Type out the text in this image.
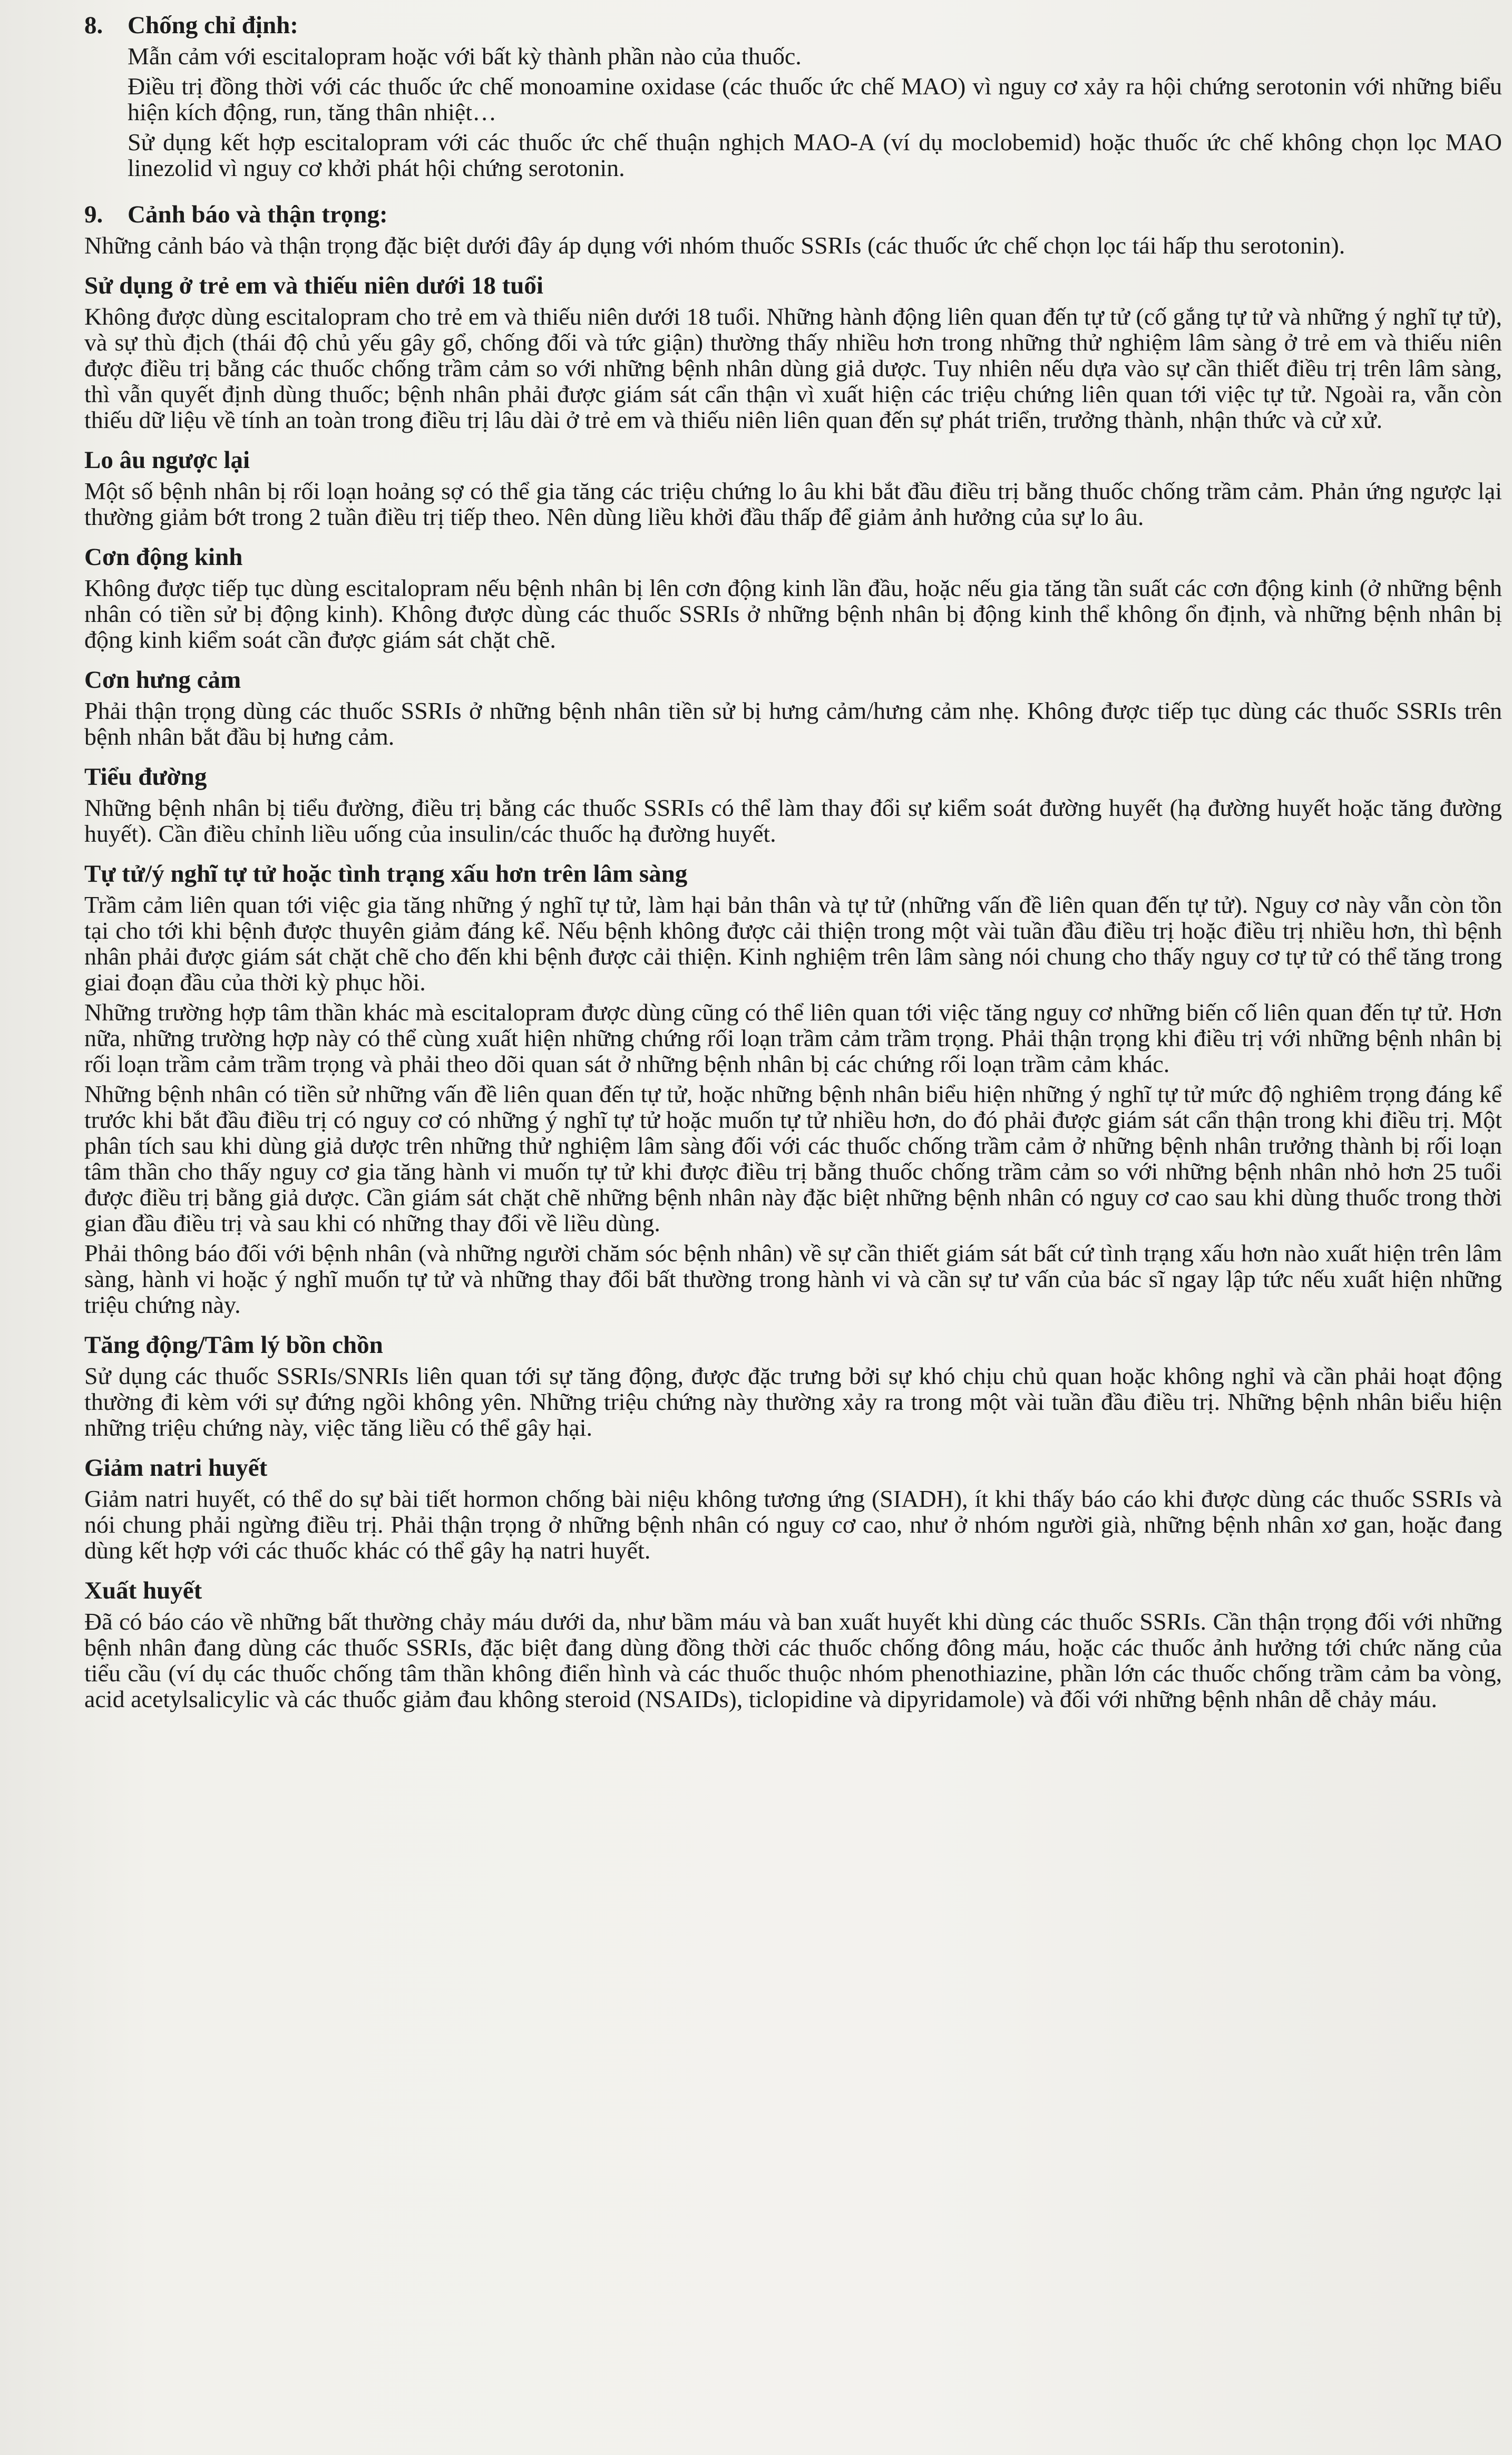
8. Chống chỉ định:

Mẫn cảm với escitalopram hoặc với bất kỳ thành phần nào của thuốc.

Điều trị đồng thời với các thuốc ức chế monoamine oxidase (các thuốc ức chế MAO) vì nguy cơ xảy ra hội chứng serotonin với những biểu hiện kích động, run, tăng thân nhiệt…

Sử dụng kết hợp escitalopram với các thuốc ức chế thuận nghịch MAO-A (ví dụ moclobemid) hoặc thuốc ức chế không chọn lọc MAO linezolid vì nguy cơ khởi phát hội chứng serotonin.

9. Cảnh báo và thận trọng:

Những cảnh báo và thận trọng đặc biệt dưới đây áp dụng với nhóm thuốc SSRIs (các thuốc ức chế chọn lọc tái hấp thu serotonin).

Sử dụng ở trẻ em và thiếu niên dưới 18 tuổi

Không được dùng escitalopram cho trẻ em và thiếu niên dưới 18 tuổi. Những hành động liên quan đến tự tử (cố gắng tự tử và những ý nghĩ tự tử), và sự thù địch (thái độ chủ yếu gây gổ, chống đối và tức giận) thường thấy nhiều hơn trong những thử nghiệm lâm sàng ở trẻ em và thiếu niên được điều trị bằng các thuốc chống trầm cảm so với những bệnh nhân dùng giả dược. Tuy nhiên nếu dựa vào sự cần thiết điều trị trên lâm sàng, thì vẫn quyết định dùng thuốc; bệnh nhân phải được giám sát cẩn thận vì xuất hiện các triệu chứng liên quan tới việc tự tử. Ngoài ra, vẫn còn thiếu dữ liệu về tính an toàn trong điều trị lâu dài ở trẻ em và thiếu niên liên quan đến sự phát triển, trưởng thành, nhận thức và cử xử.

Lo âu ngược lại

Một số bệnh nhân bị rối loạn hoảng sợ có thể gia tăng các triệu chứng lo âu khi bắt đầu điều trị bằng thuốc chống trầm cảm. Phản ứng ngược lại thường giảm bớt trong 2 tuần điều trị tiếp theo. Nên dùng liều khởi đầu thấp để giảm ảnh hưởng của sự lo âu.

Cơn động kinh

Không được tiếp tục dùng escitalopram nếu bệnh nhân bị lên cơn động kinh lần đầu, hoặc nếu gia tăng tần suất các cơn động kinh (ở những bệnh nhân có tiền sử bị động kinh). Không được dùng các thuốc SSRIs ở những bệnh nhân bị động kinh thể không ổn định, và những bệnh nhân bị động kinh kiểm soát cần được giám sát chặt chẽ.

Cơn hưng cảm

Phải thận trọng dùng các thuốc SSRIs ở những bệnh nhân tiền sử bị hưng cảm/hưng cảm nhẹ. Không được tiếp tục dùng các thuốc SSRIs trên bệnh nhân bắt đầu bị hưng cảm.

Tiểu đường

Những bệnh nhân bị tiểu đường, điều trị bằng các thuốc SSRIs có thể làm thay đổi sự kiểm soát đường huyết (hạ đường huyết hoặc tăng đường huyết). Cần điều chỉnh liều uống của insulin/các thuốc hạ đường huyết.

Tự tử/ý nghĩ tự tử hoặc tình trạng xấu hơn trên lâm sàng

Trầm cảm liên quan tới việc gia tăng những ý nghĩ tự tử, làm hại bản thân và tự tử (những vấn đề liên quan đến tự tử). Nguy cơ này vẫn còn tồn tại cho tới khi bệnh được thuyên giảm đáng kể. Nếu bệnh không được cải thiện trong một vài tuần đầu điều trị hoặc điều trị nhiều hơn, thì bệnh nhân phải được giám sát chặt chẽ cho đến khi bệnh được cải thiện. Kinh nghiệm trên lâm sàng nói chung cho thấy nguy cơ tự tử có thể tăng trong giai đoạn đầu của thời kỳ phục hồi.

Những trường hợp tâm thần khác mà escitalopram được dùng cũng có thể liên quan tới việc tăng nguy cơ những biến cố liên quan đến tự tử. Hơn nữa, những trường hợp này có thể cùng xuất hiện những chứng rối loạn trầm cảm trầm trọng. Phải thận trọng khi điều trị với những bệnh nhân bị rối loạn trầm cảm trầm trọng và phải theo dõi quan sát ở những bệnh nhân bị các chứng rối loạn trầm cảm khác.

Những bệnh nhân có tiền sử những vấn đề liên quan đến tự tử, hoặc những bệnh nhân biểu hiện những ý nghĩ tự tử mức độ nghiêm trọng đáng kể trước khi bắt đầu điều trị có nguy cơ có những ý nghĩ tự tử hoặc muốn tự tử nhiều hơn, do đó phải được giám sát cẩn thận trong khi điều trị. Một phân tích sau khi dùng giả dược trên những thử nghiệm lâm sàng đối với các thuốc chống trầm cảm ở những bệnh nhân trưởng thành bị rối loạn tâm thần cho thấy nguy cơ gia tăng hành vi muốn tự tử khi được điều trị bằng thuốc chống trầm cảm so với những bệnh nhân nhỏ hơn 25 tuổi được điều trị bằng giả dược. Cần giám sát chặt chẽ những bệnh nhân này đặc biệt những bệnh nhân có nguy cơ cao sau khi dùng thuốc trong thời gian đầu điều trị và sau khi có những thay đổi về liều dùng.

Phải thông báo đối với bệnh nhân (và những người chăm sóc bệnh nhân) về sự cần thiết giám sát bất cứ tình trạng xấu hơn nào xuất hiện trên lâm sàng, hành vi hoặc ý nghĩ muốn tự tử và những thay đổi bất thường trong hành vi và cần sự tư vấn của bác sĩ ngay lập tức nếu xuất hiện những triệu chứng này.

Tăng động/Tâm lý bồn chồn

Sử dụng các thuốc SSRIs/SNRIs liên quan tới sự tăng động, được đặc trưng bởi sự khó chịu chủ quan hoặc không nghỉ và cần phải hoạt động thường đi kèm với sự đứng ngồi không yên. Những triệu chứng này thường xảy ra trong một vài tuần đầu điều trị. Những bệnh nhân biểu hiện những triệu chứng này, việc tăng liều có thể gây hại.

Giảm natri huyết

Giảm natri huyết, có thể do sự bài tiết hormon chống bài niệu không tương ứng (SIADH), ít khi thấy báo cáo khi được dùng các thuốc SSRIs và nói chung phải ngừng điều trị. Phải thận trọng ở những bệnh nhân có nguy cơ cao, như ở nhóm người già, những bệnh nhân xơ gan, hoặc đang dùng kết hợp với các thuốc khác có thể gây hạ natri huyết.

Xuất huyết

Đã có báo cáo về những bất thường chảy máu dưới da, như bầm máu và ban xuất huyết khi dùng các thuốc SSRIs. Cần thận trọng đối với những bệnh nhân đang dùng các thuốc SSRIs, đặc biệt đang dùng đồng thời các thuốc chống đông máu, hoặc các thuốc ảnh hưởng tới chức năng của tiểu cầu (ví dụ các thuốc chống tâm thần không điển hình và các thuốc thuộc nhóm phenothiazine, phần lớn các thuốc chống trầm cảm ba vòng, acid acetylsalicylic và các thuốc giảm đau không steroid (NSAIDs), ticlopidine và dipyridamole) và đối với những bệnh nhân dễ chảy máu.
